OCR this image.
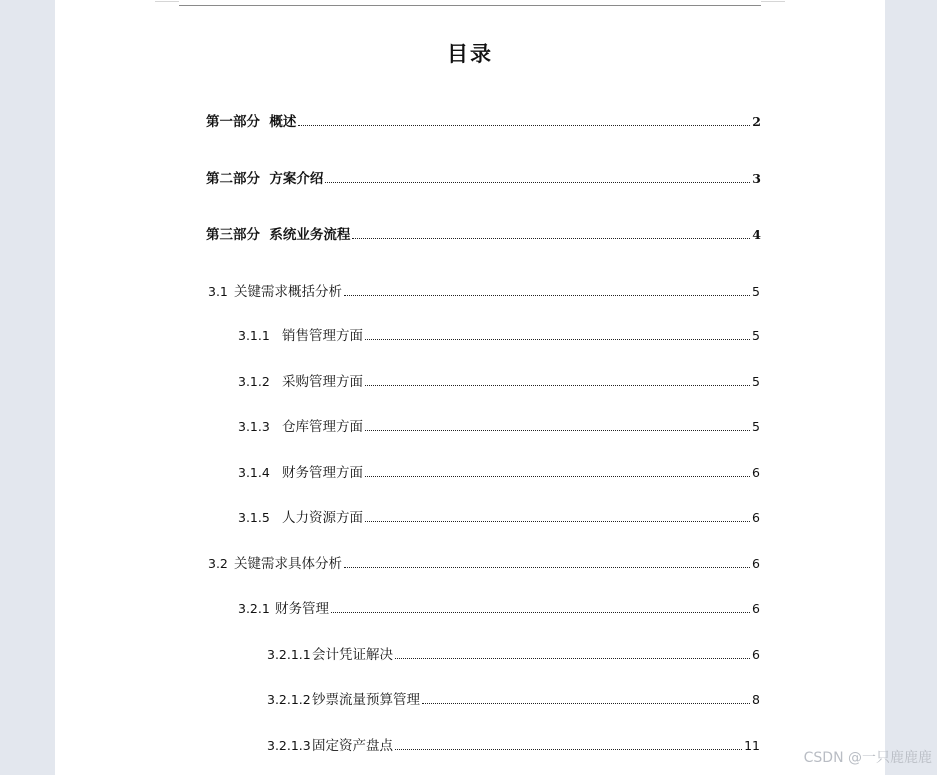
目录
第一部分  概述	2
第二部分  方案介绍	3
第三部分  系统业务流程	4
3.1 关键需求概括分析	5
3.1.1 销售管理方面	5
3.1.2 采购管理方面	5
3.1.3 仓库管理方面	5
3.1.4 财务管理方面	6
3.1.5 人力资源方面	6
3.2 关键需求具体分析	6
3.2.1 财务管理	6
3.2.1.1 会计凭证解决	6
3.2.1.2 钞票流量预算管理	8
3.2.1.3 固定资产盘点	11
CSDN @一只鹿鹿鹿
